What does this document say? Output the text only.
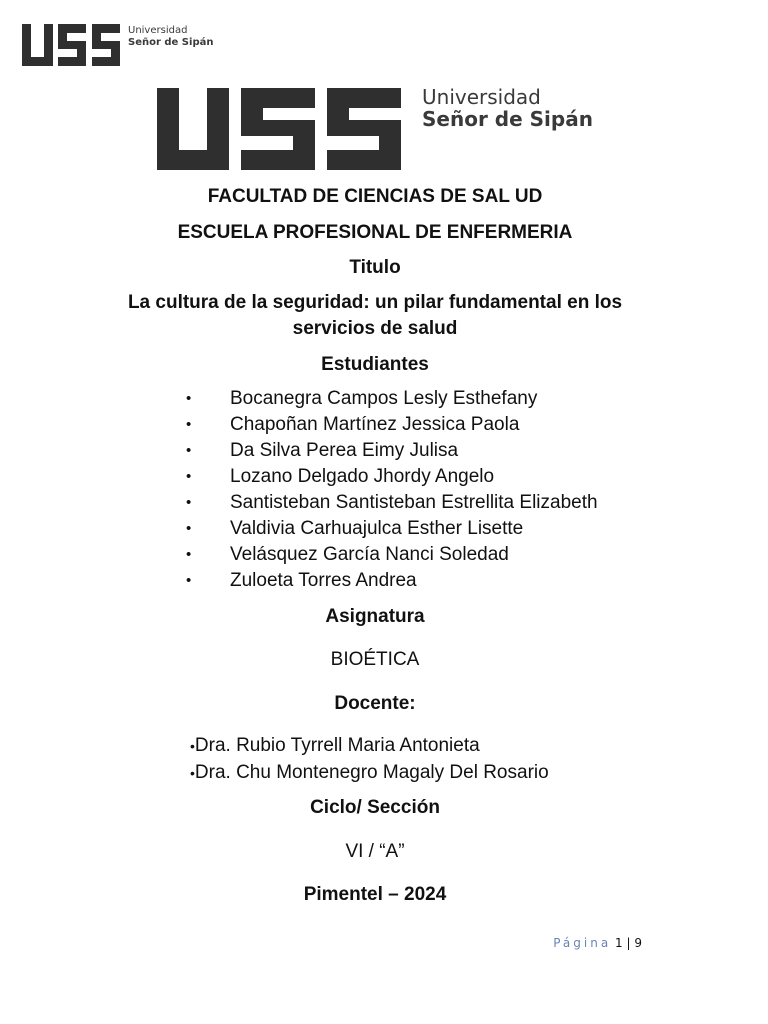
Universidad
Señor de Sipán
Universidad
Señor de Sipán
FACULTAD DE CIENCIAS DE SAL UD
ESCUELA PROFESIONAL DE ENFERMERIA
Titulo
La cultura de la seguridad: un pilar fundamental en los
servicios de salud
Estudiantes
•	Bocanegra Campos Lesly Esthefany
•	Chapoñan Martínez Jessica Paola
•	Da Silva Perea Eimy Julisa
•	Lozano Delgado Jhordy Angelo
•	Santisteban Santisteban Estrellita Elizabeth
•	Valdivia Carhuajulca Esther Lisette
•	Velásquez García Nanci Soledad
•	Zuloeta Torres Andrea
Asignatura
BIOÉTICA
Docente:
•Dra. Rubio Tyrrell Maria Antonieta
•Dra. Chu Montenegro Magaly Del Rosario
Ciclo/ Sección
VI / “A”
Pimentel – 2024
Página 1 | 9
